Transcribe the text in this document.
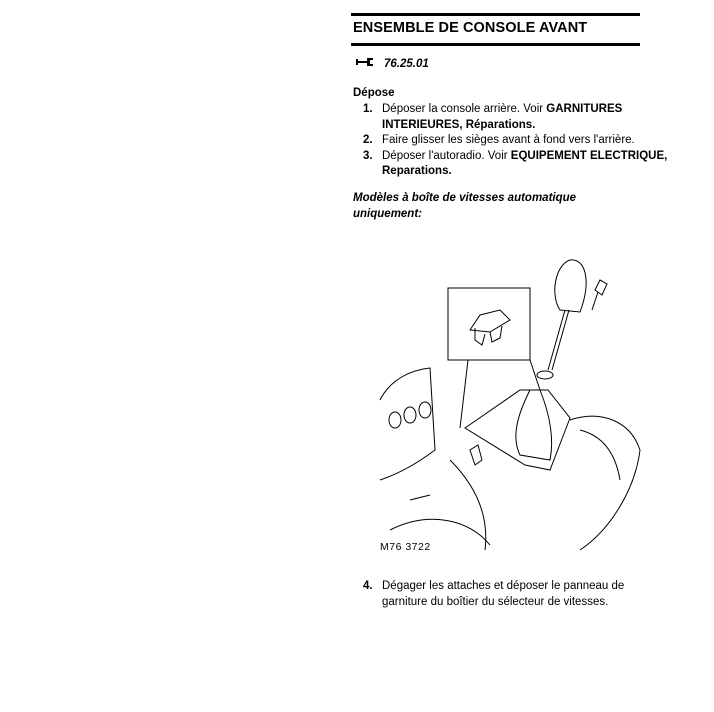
ENSEMBLE DE CONSOLE AVANT
76.25.01
Dépose
1. Déposer la console arrière. Voir GARNITURES INTERIEURES, Réparations.
2. Faire glisser les sièges avant à fond vers l'arrière.
3. Déposer l'autoradio. Voir EQUIPEMENT ELECTRIQUE, Reparations.
Modèles à boîte de vitesses automatique uniquement:
M76 3722
4. Dégager les attaches et déposer le panneau de garniture du boîtier du sélecteur de vitesses.
